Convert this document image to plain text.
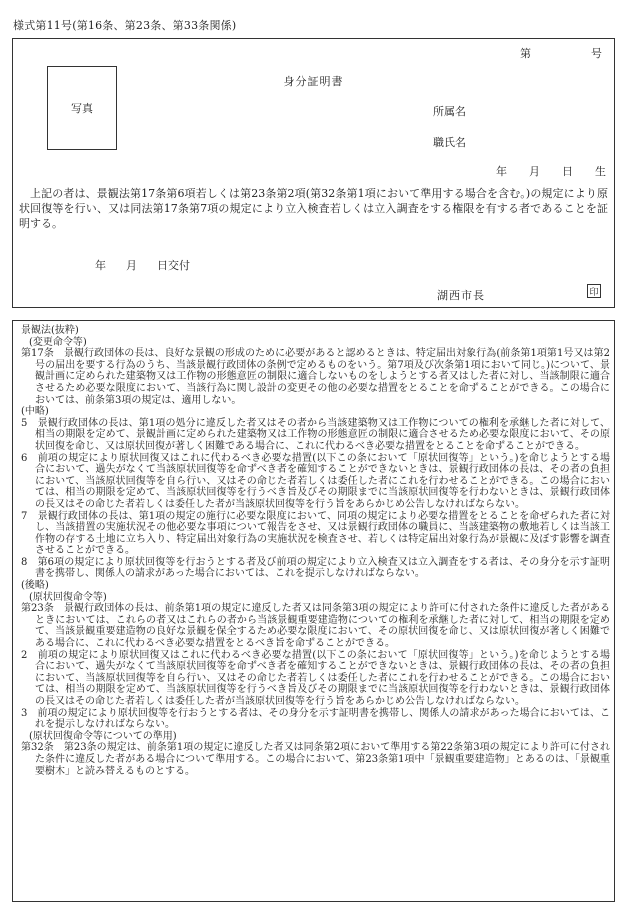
様式第11号(第16条、第23条、第33条関係)
第	号
写真
身分証明書
所属名
職氏名
年 月 日 生
上記の者は、景観法第17条第6項若しくは第23条第2項(第32条第1項において準用する場合を含む。)の規定により原状回復等を行い、又は同法第17条第7項の規定により立入検査若しくは立入調査をする権限を有する者であることを証明する。
年 月 日交付
湖西市長	印

景観法(抜粋)

(変更命令等)

第17条　景観行政団体の長は、良好な景観の形成のために必要があると認めるときは、特定届出対象行為(前条第1項第1号又は第2号の届出を要する行為のうち、当該景観行政団体の条例で定めるものをいう。第7項及び次条第1項において同じ。)について、景観計画に定められた建築物又は工作物の形態意匠の制限に適合しないものをしようとする者又はした者に対し、当該制限に適合させるため必要な限度において、当該行為に関し設計の変更その他の必要な措置をとることを命ずることができる。この場合においては、前条第3項の規定は、適用しない。

(中略)

5　景観行政団体の長は、第1項の処分に違反した者又はその者から当該建築物又は工作物についての権利を承継した者に対して、相当の期限を定めて、景観計画に定められた建築物又は工作物の形態意匠の制限に適合させるため必要な限度において、その原状回復を命じ、又は原状回復が著しく困難である場合に、これに代わるべき必要な措置をとることを命ずることができる。

6　前項の規定により原状回復又はこれに代わるべき必要な措置(以下この条において「原状回復等」という。)を命じようとする場合において、過失がなくて当該原状回復等を命ずべき者を確知することができないときは、景観行政団体の長は、その者の負担において、当該原状回復等を自ら行い、又はその命じた者若しくは委任した者にこれを行わせることができる。この場合においては、相当の期限を定めて、当該原状回復等を行うべき旨及びその期限までに当該原状回復等を行わないときは、景観行政団体の長又はその命じた者若しくは委任した者が当該原状回復等を行う旨をあらかじめ公告しなければならない。

7　景観行政団体の長は、第1項の規定の施行に必要な限度において、同項の規定により必要な措置をとることを命ぜられた者に対し、当該措置の実施状況その他必要な事項について報告をさせ、又は景観行政団体の職員に、当該建築物の敷地若しくは当該工作物の存する土地に立ち入り、特定届出対象行為の実施状況を検査させ、若しくは特定届出対象行為が景観に及ぼす影響を調査させることができる。

8　第6項の規定により原状回復等を行おうとする者及び前項の規定により立入検査又は立入調査をする者は、その身分を示す証明書を携帯し、関係人の請求があった場合においては、これを提示しなければならない。

(後略)

(原状回復命令等)

第23条　景観行政団体の長は、前条第1項の規定に違反した者又は同条第3項の規定により許可に付された条件に違反した者があるときにおいては、これらの者又はこれらの者から当該景観重要建造物についての権利を承継した者に対して、相当の期限を定めて、当該景観重要建造物の良好な景観を保全するため必要な限度において、その原状回復を命じ、又は原状回復が著しく困難である場合に、これに代わるべき必要な措置をとるべき旨を命ずることができる。

2　前項の規定により原状回復又はこれに代わるべき必要な措置(以下この条において「原状回復等」という。)を命じようとする場合において、過失がなくて当該原状回復等を命ずべき者を確知することができないときは、景観行政団体の長は、その者の負担において、当該原状回復等を自ら行い、又はその命じた者若しくは委任した者にこれを行わせることができる。この場合においては、相当の期限を定めて、当該原状回復等を行うべき旨及びその期限までに当該原状回復等を行わないときは、景観行政団体の長又はその命じた者若しくは委任した者が当該原状回復等を行う旨をあらかじめ公告しなければならない。

3　前項の規定により原状回復等を行おうとする者は、その身分を示す証明書を携帯し、関係人の請求があった場合においては、これを提示しなければならない。

(原状回復命令等についての準用)

第32条　第23条の規定は、前条第1項の規定に違反した者又は同条第2項において準用する第22条第3項の規定により許可に付された条件に違反した者がある場合について準用する。この場合において、第23条第1項中「景観重要建造物」とあるのは、「景観重要樹木」と読み替えるものとする。
